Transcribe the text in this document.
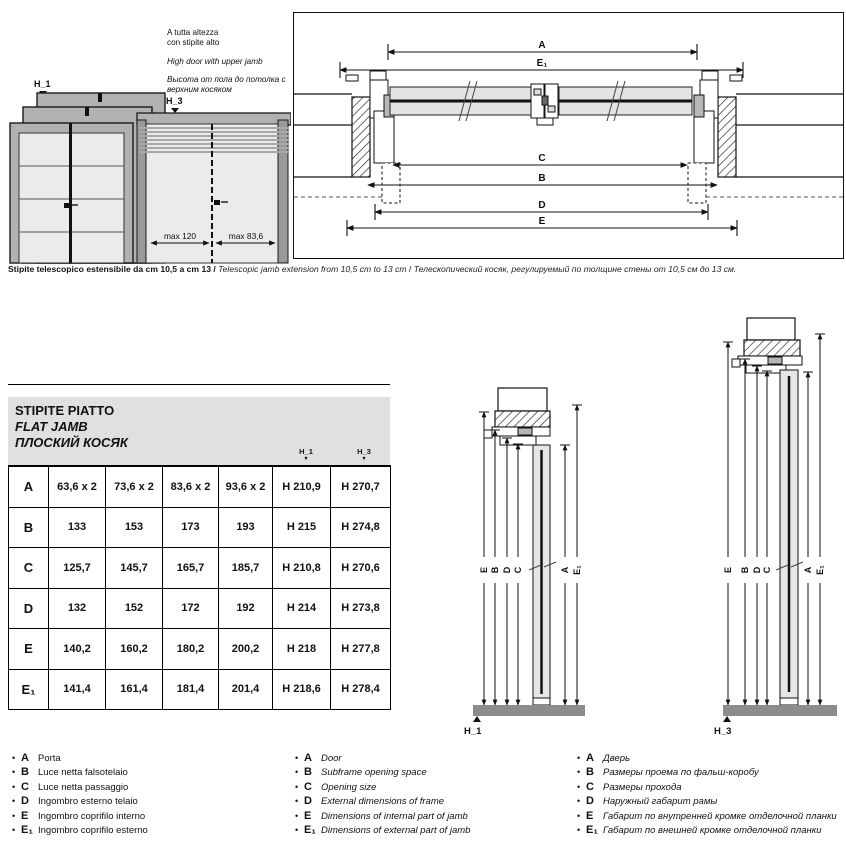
A tutta altezza
con stipite alto
High door with upper jamb
Высота от пола до потолка с
верхним косяком
H_1
H_3
max 120	max 83,6
A
E₁
C
B
D
E
Stipite telescopico estensibile da cm 10,5 a cm 13 / Telescopic jamb extension from 10,5 cm to 13 cm / Телескопический косяк, регулируемый по толщине стены от 10,5 см до 13 см.
STIPITE PIATTO
FLAT JAMB
ПЛОСКИЙ КОСЯК
H_1
▼
H_3
▼
A	63,6 x 2	73,6 x 2	83,6 x 2	93,6 x 2	H 210,9	H 270,7
B	133	153	173	193	H 215	H 274,8
C	125,7	145,7	165,7	185,7	H 210,8	H 270,6
D	132	152	172	192	H 214	H 273,8
E	140,2	160,2	180,2	200,2	H 218	H 277,8
E₁	141,4	161,4	181,4	201,4	H 218,6	H 278,4
E B D C	A E₁
H_1
E B D C	A E₁
H_3
• A Porta
• B Luce netta falsotelaio
• C Luce netta passaggio
• D Ingombro esterno telaio
• E	Ingombro coprifilo interno
• E₁ Ingombro coprifilo esterno
• A Door
• B Subframe opening space
• C Opening size
• D External dimensions of frame
• E	Dimensions of internal part of jamb
• E₁ Dimensions of external part of jamb
• A Дверь
• B Размеры проема по фальш-коробу
• C Размеры прохода
• D Наружный габарит рамы
• E	Габарит по внутренней кромке отделочной планки
• E₁ Габарит по внешней кромке отделочной планки
